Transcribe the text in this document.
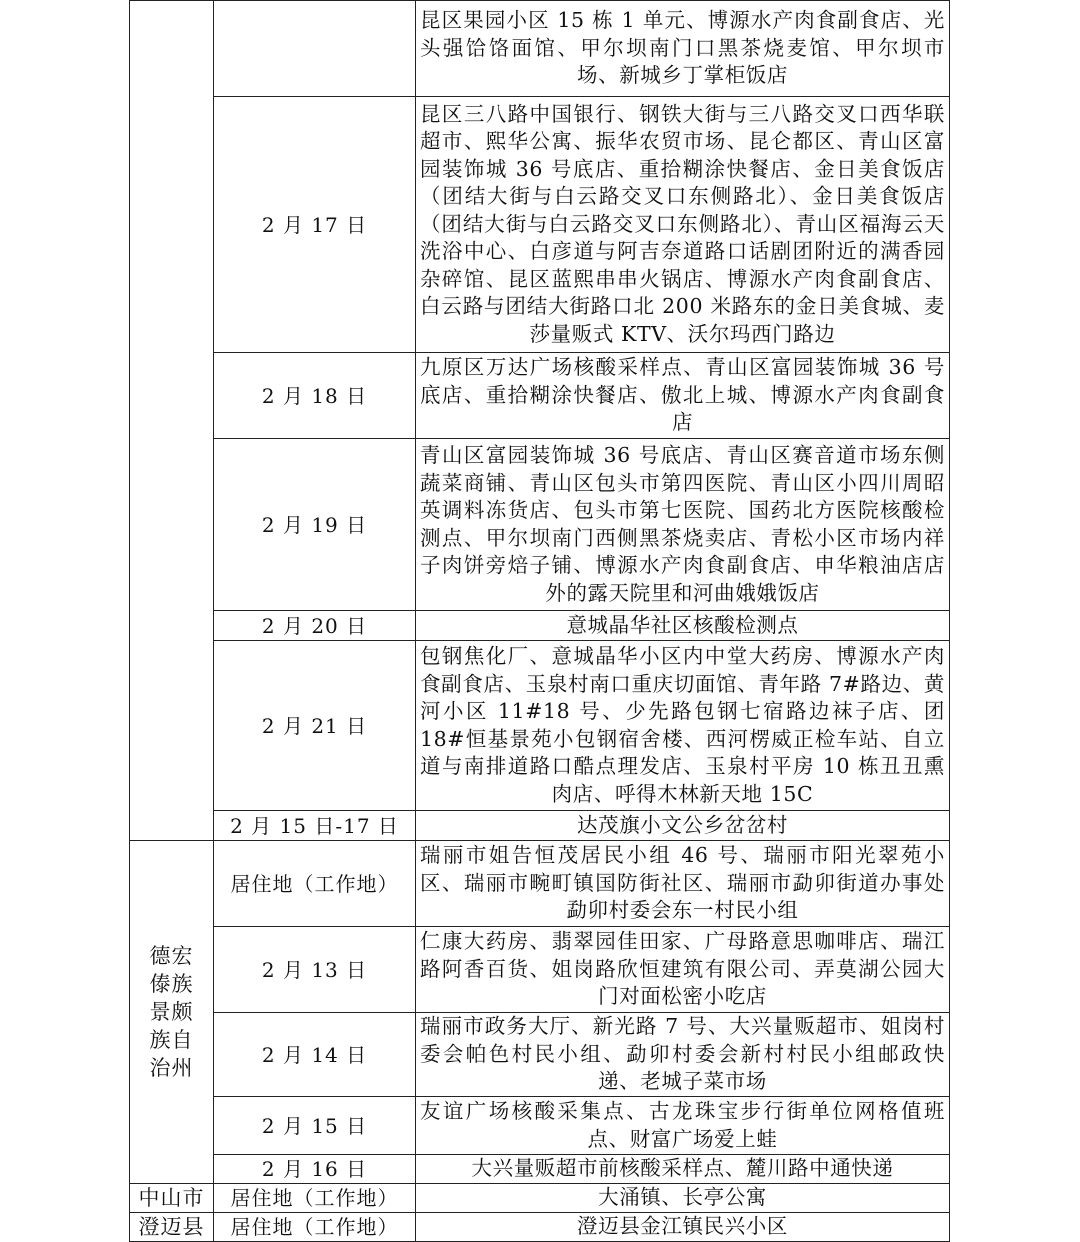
		昆区果园小区 15 栋 1 单元、博源水产肉食副食店、光头强饸饹面馆、甲尔坝南门口黑茶烧麦馆、甲尔坝市场、新城乡丁掌柜饭店
	2 月 17 日	昆区三八路中国银行、钢铁大街与三八路交叉口西华联超市、熙华公寓、振华农贸市场、昆仑都区、青山区富园装饰城 36 号底店、重拾糊涂快餐店、金日美食饭店（团结大街与白云路交叉口东侧路北）、金日美食饭店（团结大街与白云路交叉口东侧路北）、青山区福海云天洗浴中心、白彦道与阿吉奈道路口话剧团附近的满香园杂碎馆、昆区蓝熙串串火锅店、博源水产肉食副食店、白云路与团结大街路口北 200 米路东的金日美食城、麦莎量贩式 KTV、沃尔玛西门路边
	2 月 18 日	九原区万达广场核酸采样点、青山区富园装饰城 36 号底店、重拾糊涂快餐店、傲北上城、博源水产肉食副食店
	2 月 19 日	青山区富园装饰城 36 号底店、青山区赛音道市场东侧蔬菜商铺、青山区包头市第四医院、青山区小四川周昭英调料冻货店、包头市第七医院、国药北方医院核酸检测点、甲尔坝南门西侧黑茶烧卖店、青松小区市场内祥子肉饼旁焙子铺、博源水产肉食副食店、申华粮油店店外的露天院里和河曲娥娥饭店
	2 月 20 日	意城晶华社区核酸检测点
	2 月 21 日	包钢焦化厂、意城晶华小区内中堂大药房、博源水产肉食副食店、玉泉村南口重庆切面馆、青年路 7#路边、黄河小区 11#18 号、少先路包钢七宿路边袜子店、团 18#恒基景苑小包钢宿舍楼、西河楞威正检车站、自立道与南排道路口酷点理发店、玉泉村平房 10 栋丑丑熏肉店、呼得木林新天地 15C
	2 月 15 日-17 日	达茂旗小文公乡岔岔村
德宏傣族景颇族自治州	居住地（工作地）	瑞丽市姐告恒茂居民小组 46 号、瑞丽市阳光翠苑小区、瑞丽市畹町镇国防街社区、瑞丽市勐卯街道办事处勐卯村委会东一村民小组
	2 月 13 日	仁康大药房、翡翠园佳田家、广母路意思咖啡店、瑞江路阿香百货、姐岗路欣恒建筑有限公司、弄莫湖公园大门对面松密小吃店
	2 月 14 日	瑞丽市政务大厅、新光路 7 号、大兴量贩超市、姐岗村委会帕色村民小组、勐卯村委会新村村民小组邮政快递、老城子菜市场
	2 月 15 日	友谊广场核酸采集点、古龙珠宝步行街单位网格值班点、财富广场爱上蛙
	2 月 16 日	大兴量贩超市前核酸采样点、麓川路中通快递
中山市	居住地（工作地）	大涌镇、长亭公寓
澄迈县	居住地（工作地）	澄迈县金江镇民兴小区
